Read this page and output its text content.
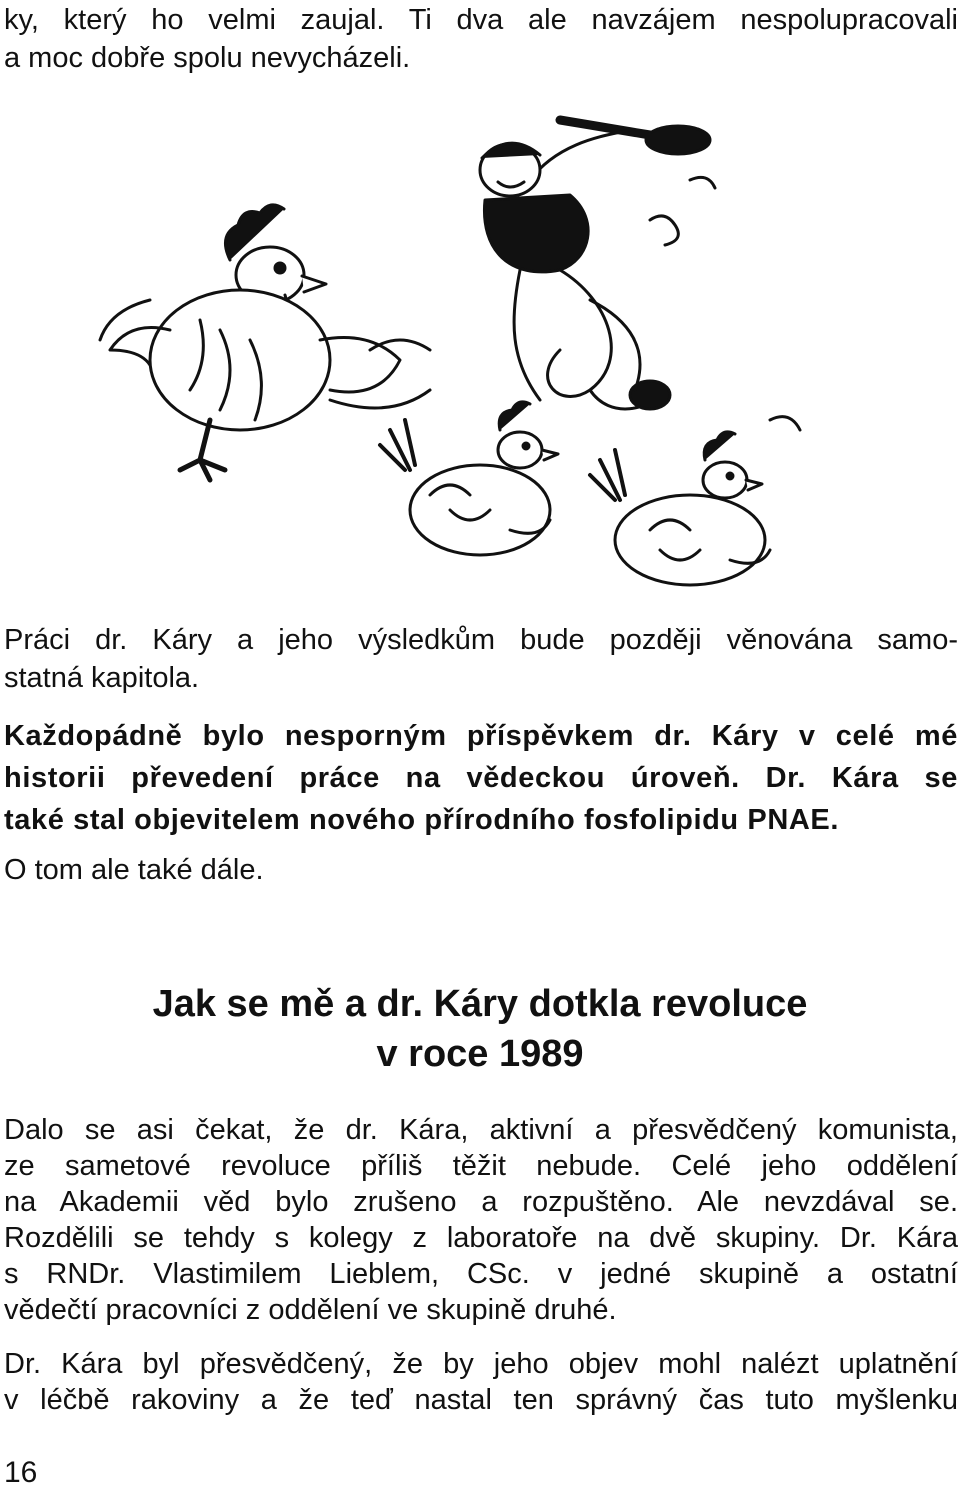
ky, který ho velmi zaujal. Ti dva ale navzájem nespolupracovali
a moc dobře spolu nevycházeli.
Práci dr. Káry a jeho výsledkům bude později věnována samo-
statná kapitola.
Každopádně bylo nesporným příspěvkem dr. Káry v celé mé
historii převedení práce na vědeckou úroveň. Dr. Kára se
také stal objevitelem nového přírodního fosfolipidu PNAE.
O tom ale také dále.
Jak se mě a dr. Káry dotkla revoluce
v roce 1989
Dalo se asi čekat, že dr. Kára, aktivní a přesvědčený komunista,
ze sametové revoluce příliš těžit nebude. Celé jeho oddělení
na Akademii věd bylo zrušeno a rozpuštěno. Ale nevzdával se.
Rozdělili se tehdy s kolegy z laboratoře na dvě skupiny. Dr. Kára
s RNDr. Vlastimilem Lieblem, CSc. v jedné skupině a ostatní
vědečtí pracovníci z oddělení ve skupině druhé.
Dr. Kára byl přesvědčený, že by jeho objev mohl nalézt uplatnění
v léčbě rakoviny a že teď nastal ten správný čas tuto myšlenku
16
